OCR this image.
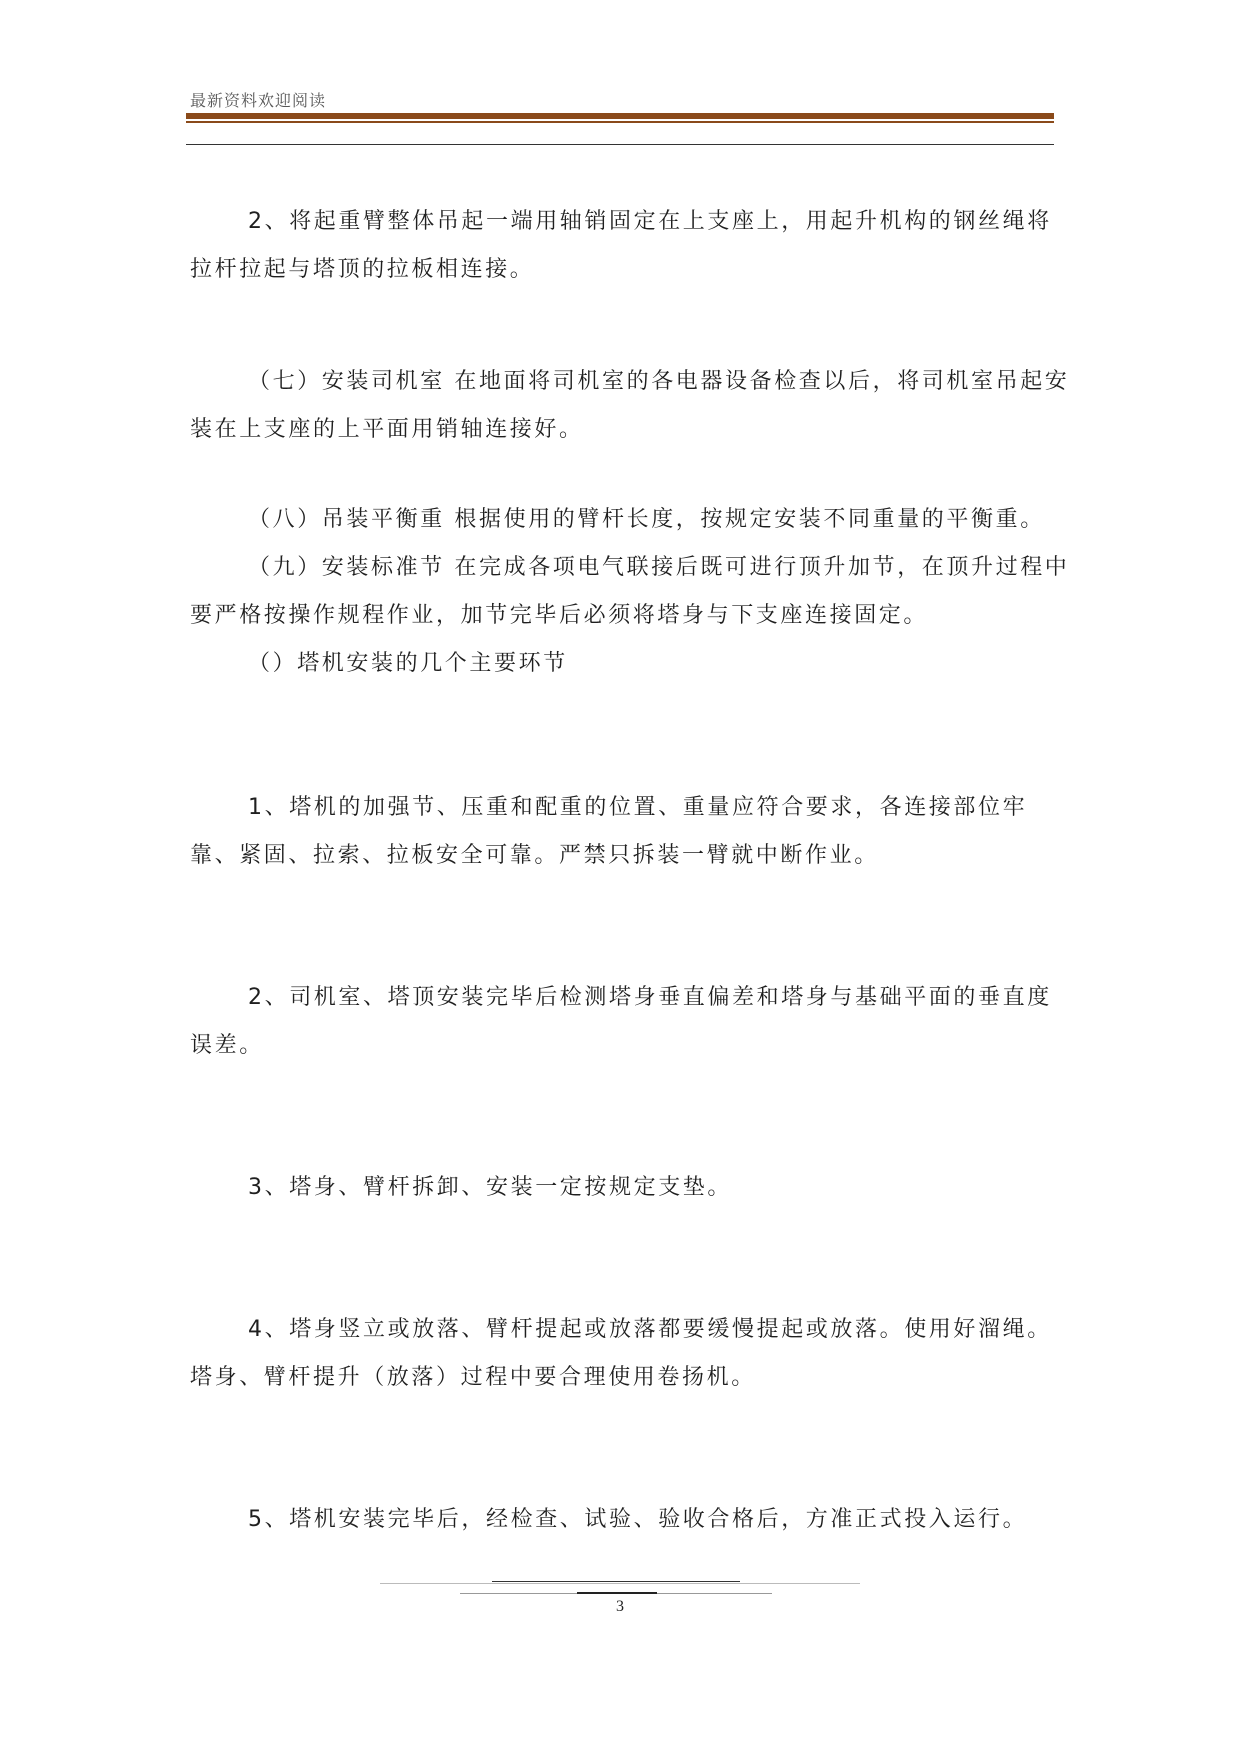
最新资料欢迎阅读

2、将起重臂整体吊起一端用轴销固定在上支座上，用起升机构的钢丝绳将拉杆拉起与塔顶的拉板相连接。

（七）安装司机室 在地面将司机室的各电器设备检查以后，将司机室吊起安装在上支座的上平面用销轴连接好。

（八）吊装平衡重 根据使用的臂杆长度，按规定安装不同重量的平衡重。

（九）安装标准节 在完成各项电气联接后既可进行顶升加节，在顶升过程中要严格按操作规程作业，加节完毕后必须将塔身与下支座连接固定。

（）塔机安装的几个主要环节

1、塔机的加强节、压重和配重的位置、重量应符合要求，各连接部位牢靠、紧固、拉索、拉板安全可靠。严禁只拆装一臂就中断作业。

2、司机室、塔顶安装完毕后检测塔身垂直偏差和塔身与基础平面的垂直度误差。

3、塔身、臂杆拆卸、安装一定按规定支垫。

4、塔身竖立或放落、臂杆提起或放落都要缓慢提起或放落。使用好溜绳。塔身、臂杆提升（放落）过程中要合理使用卷扬机。

5、塔机安装完毕后，经检查、试验、验收合格后，方准正式投入运行。

3
